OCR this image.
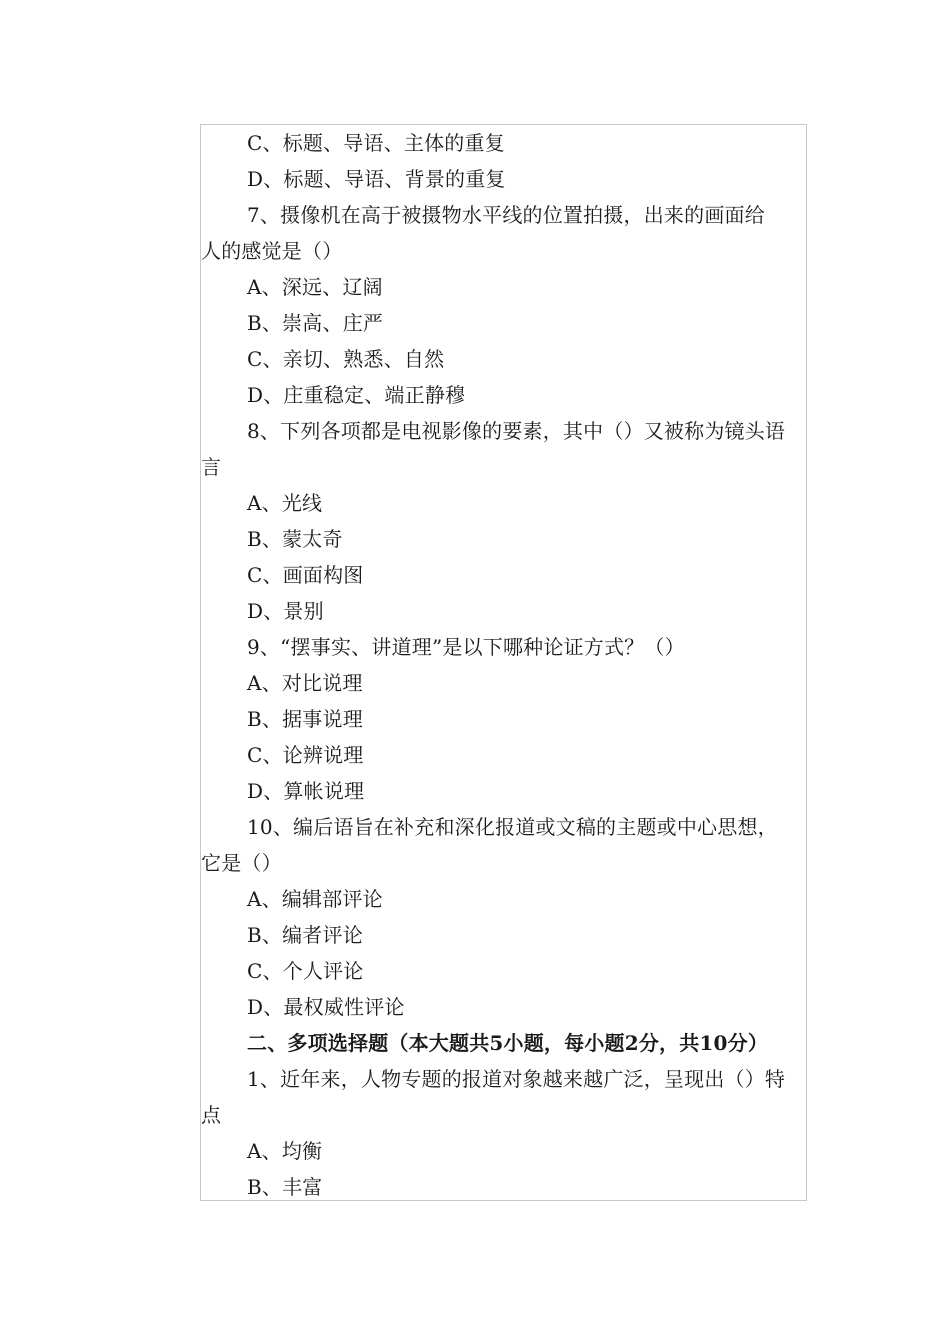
C、标题、导语、主体的重复
D、标题、导语、背景的重复
7、摄像机在高于被摄物水平线的位置拍摄，出来的画面给
人的感觉是（）
A、深远、辽阔
B、崇高、庄严
C、亲切、熟悉、自然
D、庄重稳定、端正静穆
8、下列各项都是电视影像的要素，其中（）又被称为镜头语
言
A、光线
B、蒙太奇
C、画面构图
D、景别
9、“摆事实、讲道理”是以下哪种论证方式？（）
A、对比说理
B、据事说理
C、论辨说理
D、算帐说理
10、编后语旨在补充和深化报道或文稿的主题或中心思想，
它是（）
A、编辑部评论
B、编者评论
C、个人评论
D、最权威性评论
二、多项选择题（本大题共5小题，每小题2分，共10分）
1、近年来，人物专题的报道对象越来越广泛，呈现出（）特
点
A、均衡
B、丰富
